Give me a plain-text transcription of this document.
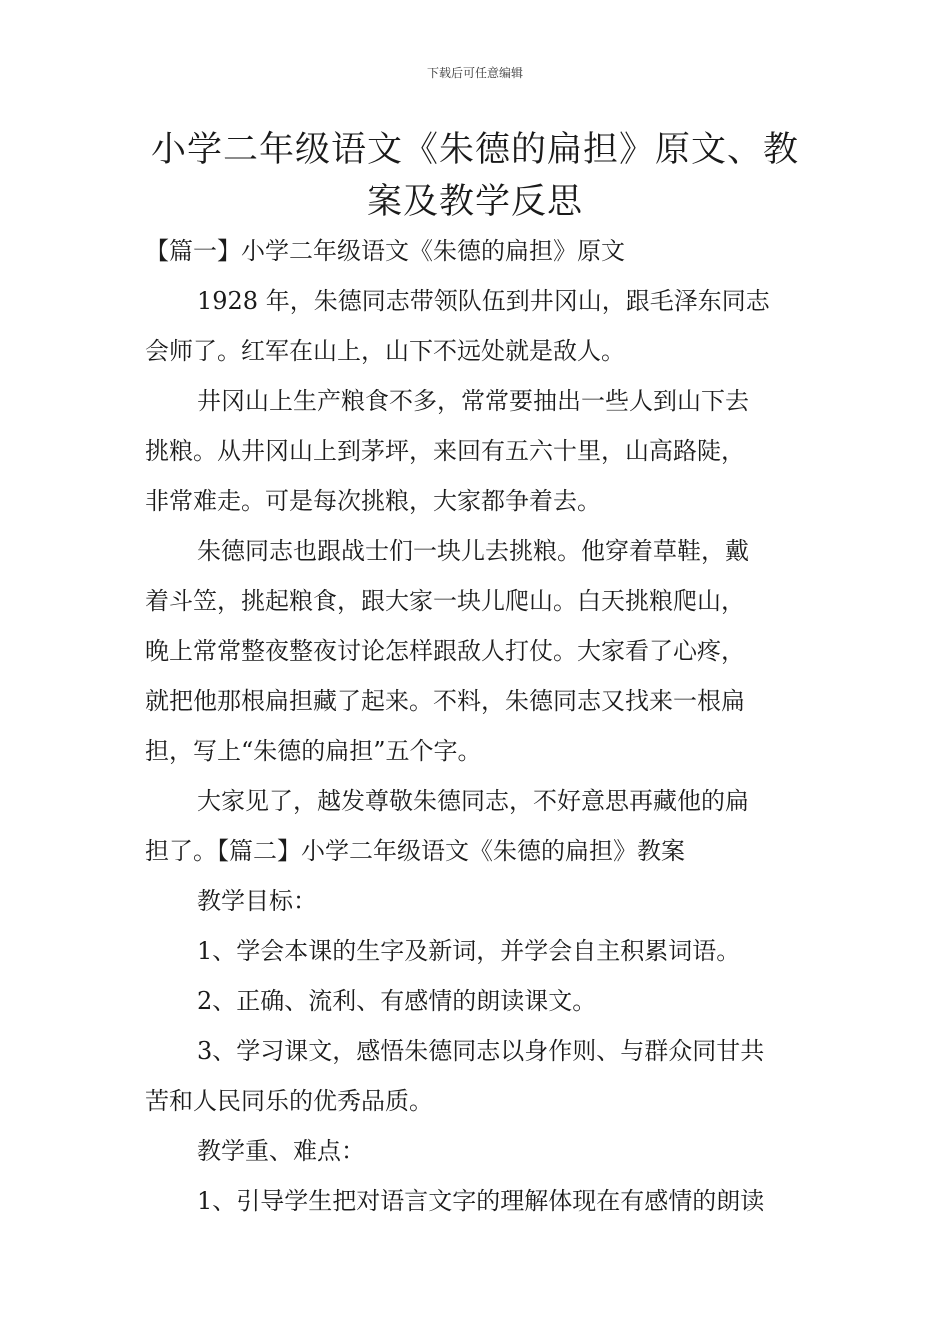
下载后可任意编辑
小学二年级语文《朱德的扁担》原文、教
案及教学反思
【篇一】小学二年级语文《朱德的扁担》原文
1928 年，朱德同志带领队伍到井冈山，跟毛泽东同志
会师了。红军在山上，山下不远处就是敌人。
井冈山上生产粮食不多，常常要抽出一些人到山下去
挑粮。从井冈山上到茅坪，来回有五六十里，山高路陡，
非常难走。可是每次挑粮，大家都争着去。
朱德同志也跟战士们一块儿去挑粮。他穿着草鞋，戴
着斗笠，挑起粮食，跟大家一块儿爬山。白天挑粮爬山，
晚上常常整夜整夜讨论怎样跟敌人打仗。大家看了心疼，
就把他那根扁担藏了起来。不料，朱德同志又找来一根扁
担，写上“朱德的扁担”五个字。
大家见了，越发尊敬朱德同志，不好意思再藏他的扁
担了。【篇二】小学二年级语文《朱德的扁担》教案
教学目标：
1、学会本课的生字及新词，并学会自主积累词语。
2、正确、流利、有感情的朗读课文。
3、学习课文，感悟朱德同志以身作则、与群众同甘共
苦和人民同乐的优秀品质。
教学重、难点：
1、引导学生把对语言文字的理解体现在有感情的朗读
